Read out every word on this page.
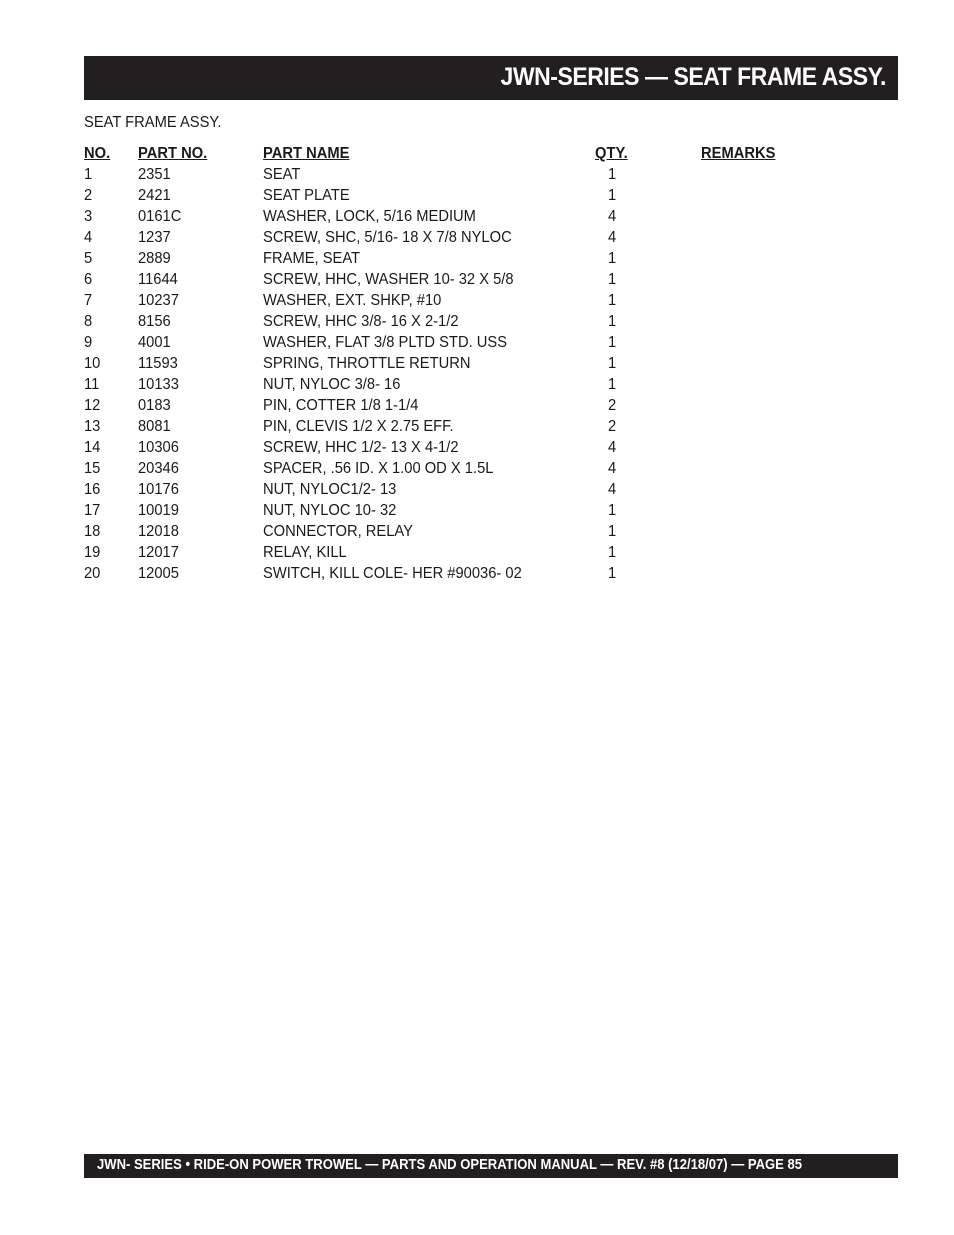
JWN-SERIES — SEAT FRAME ASSY.
SEAT FRAME ASSY.
NO. PART NO.	PART NAME	QTY.	REMARKS
1	2351	SEAT	1
2	2421	SEAT PLATE	1
3	0161C	WASHER, LOCK, 5/16 MEDIUM	4
4	1237	SCREW, SHC, 5/16- 18 X 7/8 NYLOC	4
5	2889	FRAME, SEAT	1
6	11644	SCREW, HHC, WASHER 10- 32 X 5/8	1
7	10237	WASHER, EXT. SHKP, #10	1
8	8156	SCREW, HHC 3/8- 16 X 2-1/2	1
9	4001	WASHER, FLAT 3/8 PLTD STD. USS	1
10 11593	SPRING, THROTTLE RETURN	1
11 10133	NUT, NYLOC 3/8- 16	1
12 0183	PIN, COTTER 1/8 1-1/4	2
13 8081	PIN, CLEVIS 1/2 X 2.75 EFF.	2
14 10306	SCREW, HHC 1/2- 13 X 4-1/2	4
15 20346	SPACER, .56 ID. X 1.00 OD X 1.5L	4
16 10176	NUT, NYLOC1/2- 13	4
17 10019	NUT, NYLOC 10- 32	1
18 12018	CONNECTOR, RELAY	1
19 12017	RELAY, KILL	1
20 12005	SWITCH, KILL COLE- HER #90036- 02	1
JWN- SERIES • RIDE-ON POWER TROWEL — PARTS AND OPERATION MANUAL — REV. #8 (12/18/07) — PAGE 85
